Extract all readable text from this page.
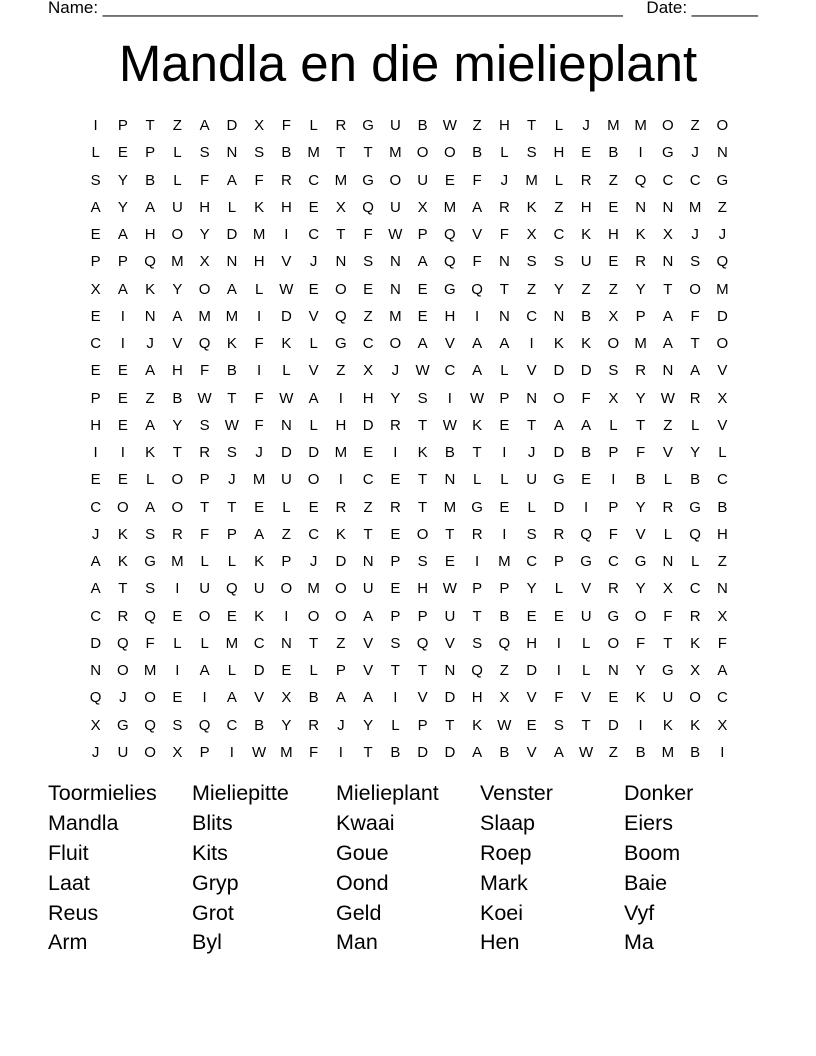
Name: _______________________________________________________     Date: _______
Mandla en die mielieplant
I	P	T	Z	A	D	X	F	L	R	G	U	B	W	Z	H	T	L	J	M M	O	Z	O
L	E	P	L	S	N	S	B	M	T	T	M	O	O	B	L	S	H	E	B	I	G	J	N
S	Y	B	L	F	A	F	R	C	M	G	O	U	E	F	J	M	L	R	Z	Q	C	C	G
A	Y	A	U	H	L	K	H	E	X	Q	U	X	M	A	R	K	Z	H	E	N	N	M	Z
E	A	H	O	Y	D	M	I	C	T	F	W	P	Q	V	F	X	C	K	H	K	X	J	J
P	P	Q	M	X	N	H	V	J	N	S	N	A	Q	F	N	S	S	U	E	R	N	S	Q
X	A	K	Y	O	A	L	W	E	O	E	N	E	G	Q	T	Z	Y	Z	Z	Y	T	O	M
E	I	N	A	M M	I	D	V	Q	Z	M	E	H	I	N	C	N	B	X	P	A	F	D
C	I	J	V	Q	K	F	K	L	G	C	O	A	V	A	A	I	K	K	O	M	A	T	O
E	E	A	H	F	B	I	L	V	Z	X	J	W C	A	L	V	D	D	S	R	N	A	V
P	E	Z	B	W	T	F	W	A	I	H	Y	S	I	W	P	N	O	F	X	Y	W R	X
H	E	A	Y	S	W	F	N	L	H	D	R	T	W	K	E	T	A	A	L	T	Z	L	V
I	I	K	T	R	S	J	D	D	M	E	I	K	B	T	I	J	D	B	P	F	V	Y	L
E	E	L	O	P	J	M	U	O	I	C	E	T	N	L	L	U	G	E	I	B	L	B	C
C	O	A	O	T	T	E	L	E	R	Z	R	T	M	G	E	L	D	I	P	Y	R	G	B
J	K	S	R	F	P	A	Z	C	K	T	E	O	T	R	I	S	R	Q	F	V	L	Q	H
A	K	G	M	L	L	K	P	J	D	N	P	S	E	I	M	C	P	G	C	G	N	L	Z
A	T	S	I	U	Q	U	O	M	O	U	E	H W	P	P	Y	L	V	R	Y	X	C	N
C	R	Q	E	O	E	K	I	O	O	A	P	P	U	T	B	E	E	U	G	O	F	R	X
D	Q	F	L	L	M	C	N	T	Z	V	S	Q	V	S	Q	H	I	L	O	F	T	K	F
N	O	M	I	A	L	D	E	L	P	V	T	T	N	Q	Z	D	I	L	N	Y	G	X	A
Q	J	O	E	I	A	V	X	B	A	A	I	V	D	H	X	V	F	V	E	K	U	O	C
X	G	Q	S	Q	C	B	Y	R	J	Y	L	P	T	K	W	E	S	T	D	I	K	K	X
J	U	O	X	P	I	W M	F	I	T	B	D	D	A	B	V	A	W	Z	B	M	B	I
Toormielies	Mieliepitte	Mielieplant	Venster	Donker
Mandla	Blits	Kwaai	Slaap	Eiers
Fluit	Kits	Goue	Roep	Boom
Laat	Gryp	Oond	Mark	Baie
Reus	Grot	Geld	Koei	Vyf
Arm	Byl	Man	Hen	Ma
